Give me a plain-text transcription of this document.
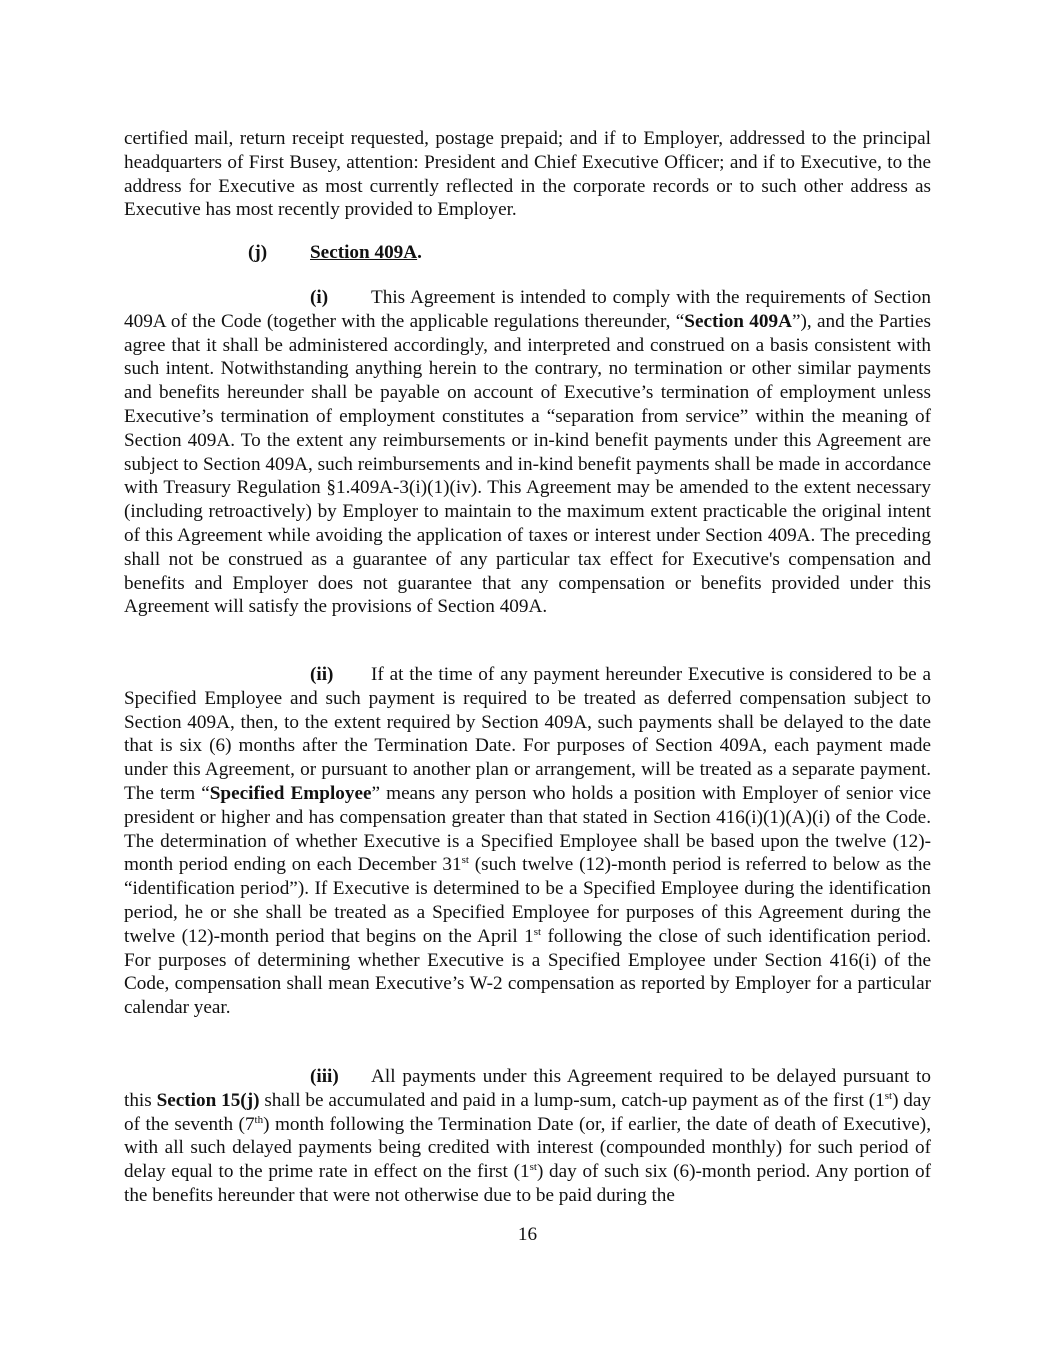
certified mail, return receipt requested, postage prepaid; and if to Employer, addressed to the principal headquarters of First Busey, attention: President and Chief Executive Officer; and if to Executive, to the address for Executive as most currently reflected in the corporate records or to such other address as Executive has most recently provided to Employer.

(j) Section 409A.

(i) This Agreement is intended to comply with the requirements of Section 409A of the Code (together with the applicable regulations thereunder, “Section 409A”), and the Parties agree that it shall be administered accordingly, and interpreted and construed on a basis consistent with such intent. Notwithstanding anything herein to the contrary, no termination or other similar payments and benefits hereunder shall be payable on account of Executive’s termination of employment unless Executive’s termination of employment constitutes a “separation from service” within the meaning of Section 409A. To the extent any reimbursements or in-kind benefit payments under this Agreement are subject to Section 409A, such reimbursements and in-kind benefit payments shall be made in accordance with Treasury Regulation §1.409A-3(i)(1)(iv). This Agreement may be amended to the extent necessary (including retroactively) by Employer to maintain to the maximum extent practicable the original intent of this Agreement while avoiding the application of taxes or interest under Section 409A. The preceding shall not be construed as a guarantee of any particular tax effect for Executive's compensation and benefits and Employer does not guarantee that any compensation or benefits provided under this Agreement will satisfy the provisions of Section 409A.

(ii) If at the time of any payment hereunder Executive is considered to be a Specified Employee and such payment is required to be treated as deferred compensation subject to Section 409A, then, to the extent required by Section 409A, such payments shall be delayed to the date that is six (6) months after the Termination Date. For purposes of Section 409A, each payment made under this Agreement, or pursuant to another plan or arrangement, will be treated as a separate payment. The term “Specified Employee” means any person who holds a position with Employer of senior vice president or higher and has compensation greater than that stated in Section 416(i)(1)(A)(i) of the Code. The determination of whether Executive is a Specified Employee shall be based upon the twelve (12)-month period ending on each December 31st (such twelve (12)-month period is referred to below as the “identification period”). If Executive is determined to be a Specified Employee during the identification period, he or she shall be treated as a Specified Employee for purposes of this Agreement during the twelve (12)-month period that begins on the April 1st following the close of such identification period. For purposes of determining whether Executive is a Specified Employee under Section 416(i) of the Code, compensation shall mean Executive’s W-2 compensation as reported by Employer for a particular calendar year.

(iii) All payments under this Agreement required to be delayed pursuant to this Section 15(j) shall be accumulated and paid in a lump-sum, catch-up payment as of the first (1st) day of the seventh (7th) month following the Termination Date (or, if earlier, the date of death of Executive), with all such delayed payments being credited with interest (compounded monthly) for such period of delay equal to the prime rate in effect on the first (1st) day of such six (6)-month period. Any portion of the benefits hereunder that were not otherwise due to be paid during the

16
